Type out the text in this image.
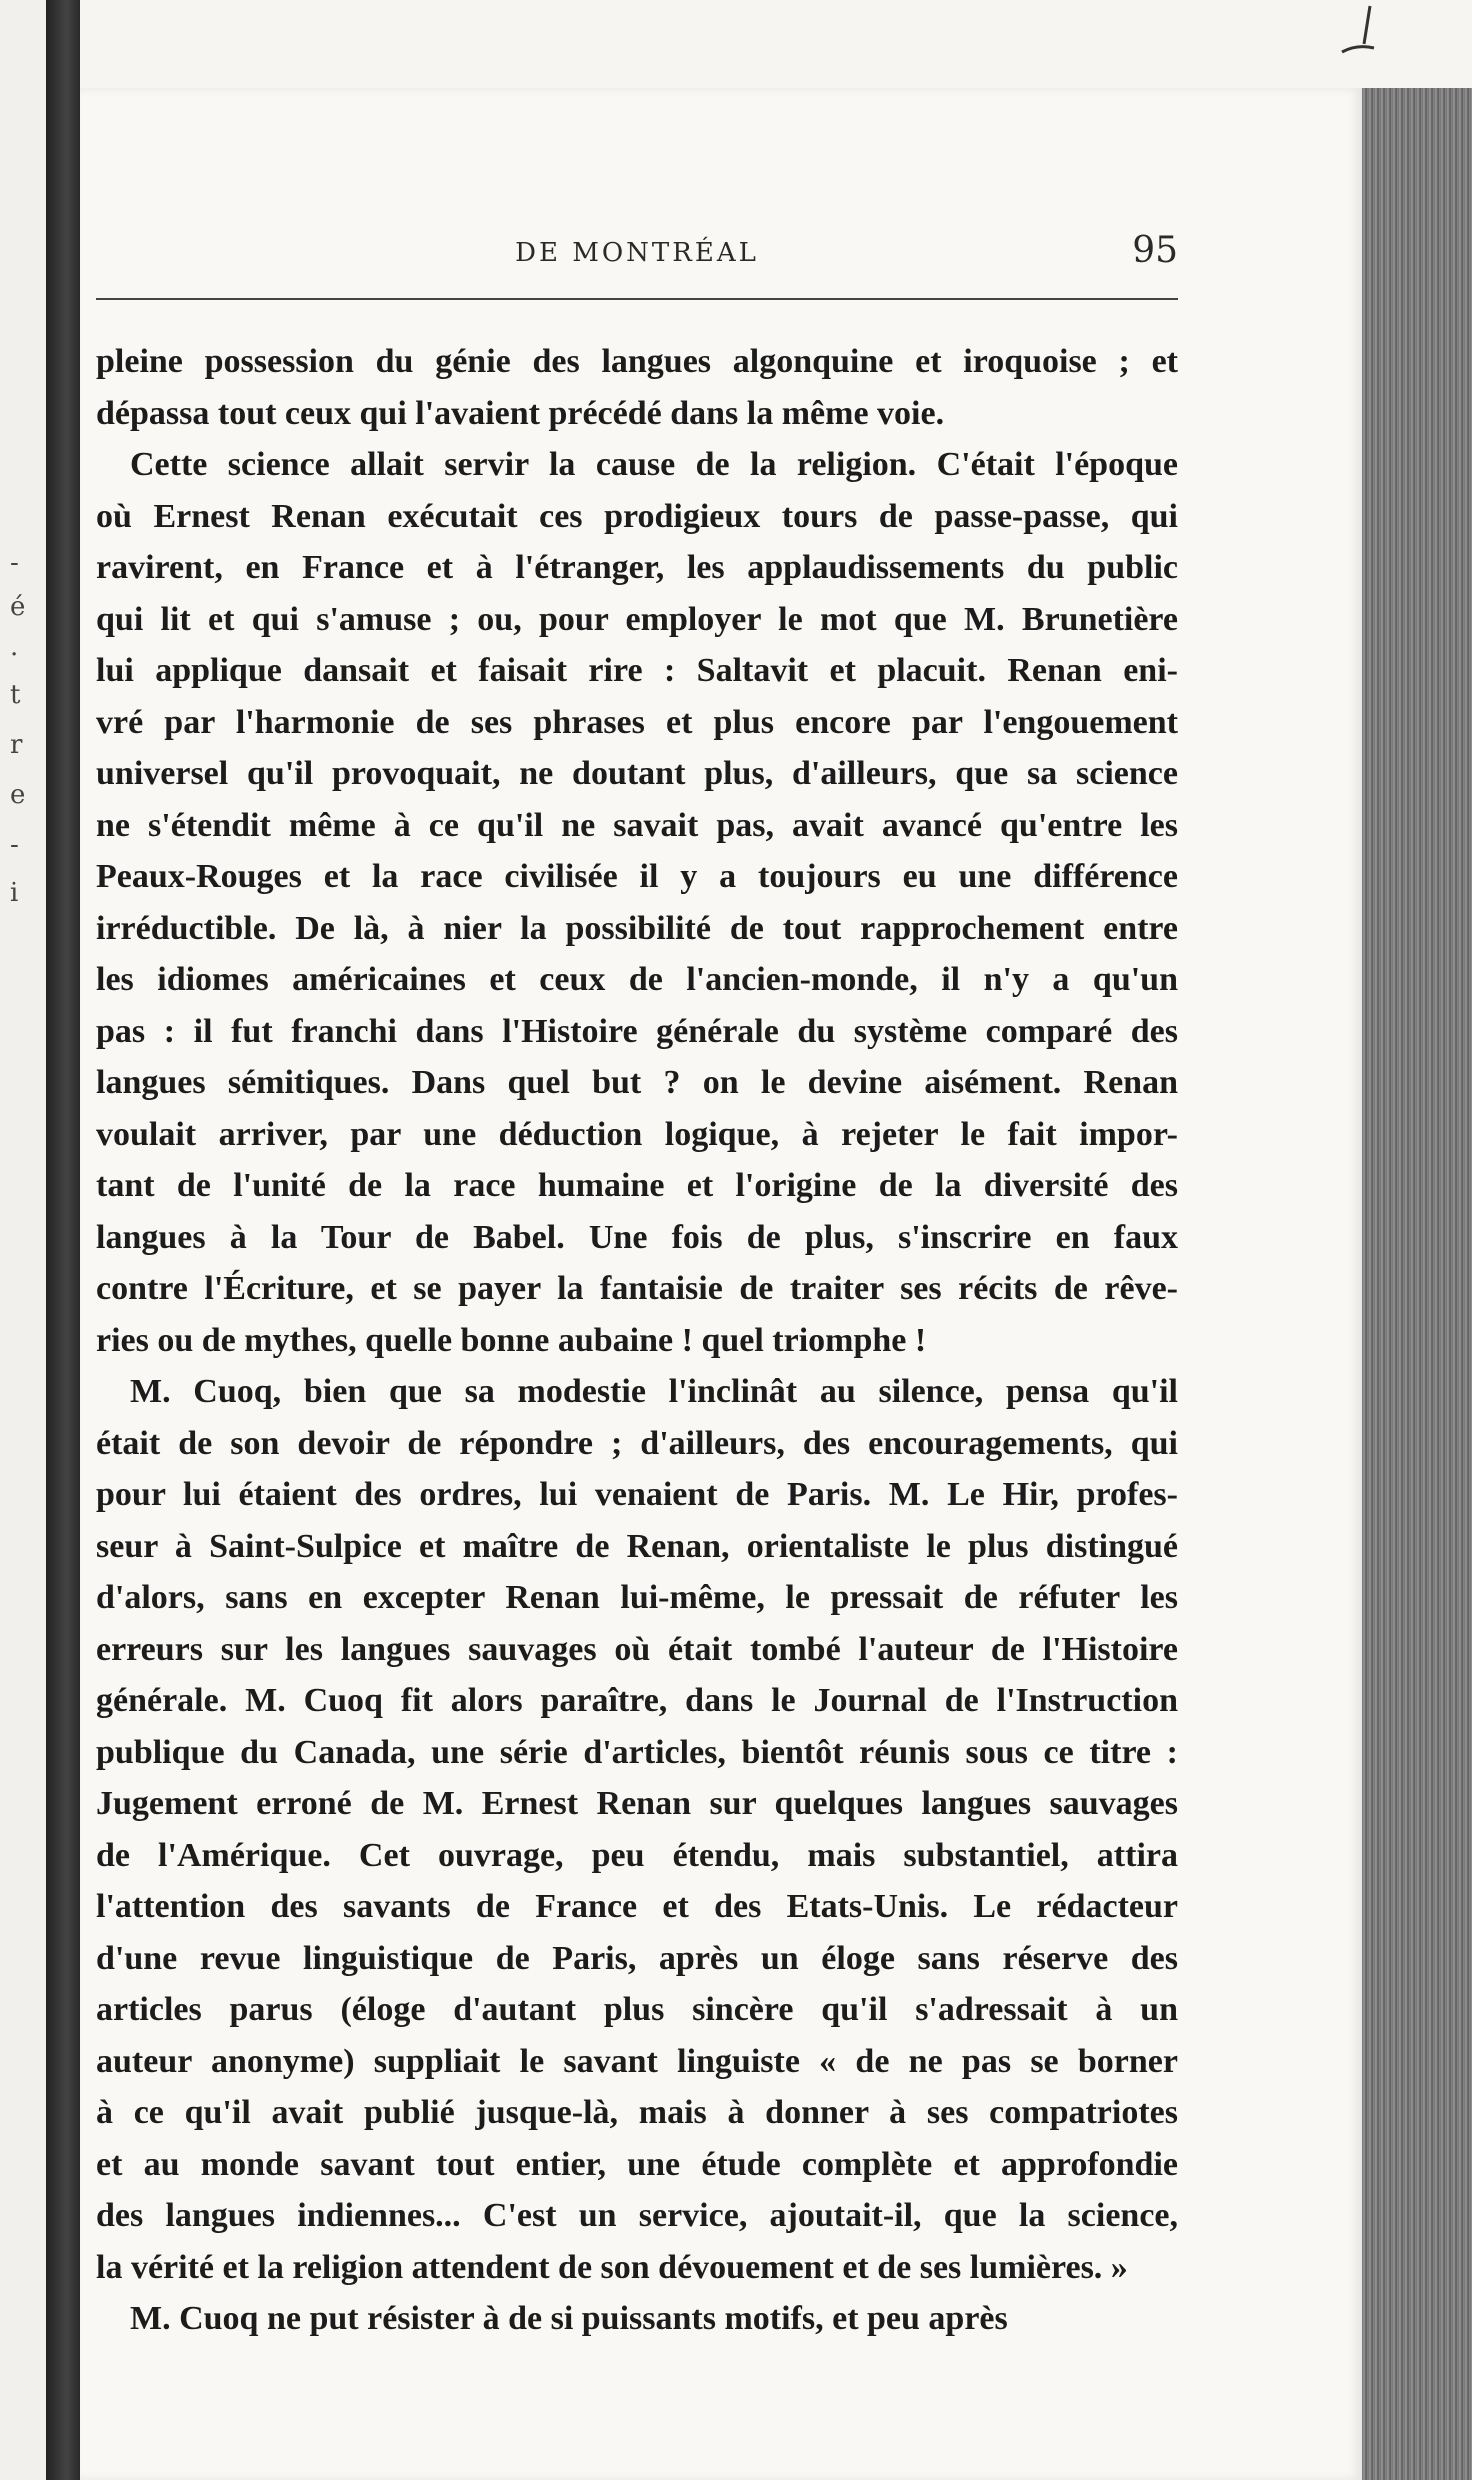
-
é
.
t
r
e
-
i
DE MONTRÉAL	95
pleine possession du génie des langues algonquine et iroquoise ; et
dépassa tout ceux qui l'avaient précédé dans la même voie.
Cette science allait servir la cause de la religion. C'était l'époque
où Ernest Renan exécutait ces prodigieux tours de passe-passe, qui
ravirent, en France et à l'étranger, les applaudissements du public
qui lit et qui s'amuse ; ou, pour employer le mot que M. Brunetière
lui applique dansait et faisait rire : Saltavit et placuit. Renan eni-
vré par l'harmonie de ses phrases et plus encore par l'engouement
universel qu'il provoquait, ne doutant plus, d'ailleurs, que sa science
ne s'étendit même à ce qu'il ne savait pas, avait avancé qu'entre les
Peaux-Rouges et la race civilisée il y a toujours eu une différence
irréductible. De là, à nier la possibilité de tout rapprochement entre
les idiomes américaines et ceux de l'ancien-monde, il n'y a qu'un
pas : il fut franchi dans l'Histoire générale du système comparé des
langues sémitiques. Dans quel but ? on le devine aisément. Renan
voulait arriver, par une déduction logique, à rejeter le fait impor-
tant de l'unité de la race humaine et l'origine de la diversité des
langues à la Tour de Babel. Une fois de plus, s'inscrire en faux
contre l'Écriture, et se payer la fantaisie de traiter ses récits de rêve-
ries ou de mythes, quelle bonne aubaine ! quel triomphe !
M. Cuoq, bien que sa modestie l'inclinât au silence, pensa qu'il
était de son devoir de répondre ; d'ailleurs, des encouragements, qui
pour lui étaient des ordres, lui venaient de Paris. M. Le Hir, profes-
seur à Saint-Sulpice et maître de Renan, orientaliste le plus distingué
d'alors, sans en excepter Renan lui-même, le pressait de réfuter les
erreurs sur les langues sauvages où était tombé l'auteur de l'Histoire
générale. M. Cuoq fit alors paraître, dans le Journal de l'Instruction
publique du Canada, une série d'articles, bientôt réunis sous ce titre :
Jugement erroné de M. Ernest Renan sur quelques langues sauvages
de l'Amérique. Cet ouvrage, peu étendu, mais substantiel, attira
l'attention des savants de France et des Etats-Unis. Le rédacteur
d'une revue linguistique de Paris, après un éloge sans réserve des
articles parus (éloge d'autant plus sincère qu'il s'adressait à un
auteur anonyme) suppliait le savant linguiste « de ne pas se borner
à ce qu'il avait publié jusque-là, mais à donner à ses compatriotes
et au monde savant tout entier, une étude complète et approfondie
des langues indiennes... C'est un service, ajoutait-il, que la science,
la vérité et la religion attendent de son dévouement et de ses lumières. »
M. Cuoq ne put résister à de si puissants motifs, et peu après
